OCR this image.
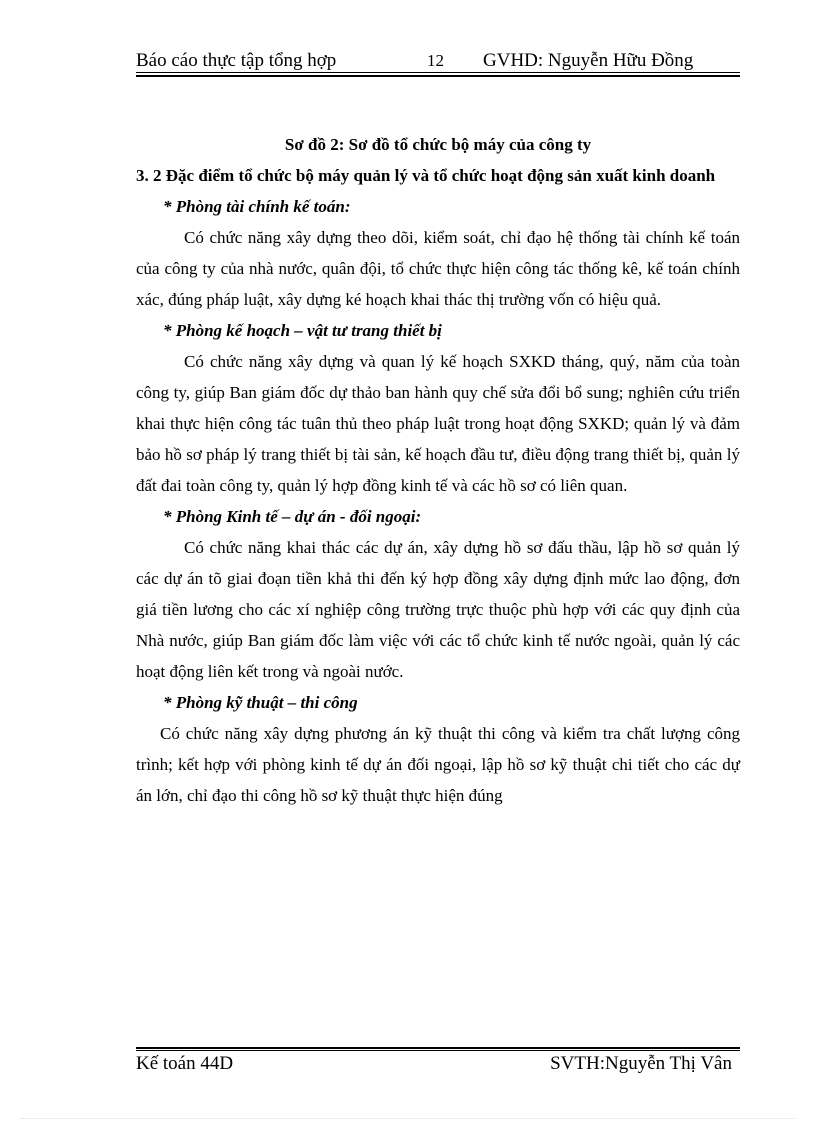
Báo cáo thực tập tổng hợp	12 GVHD: Nguyễn Hữu Đồng

Sơ đồ 2: Sơ đồ tổ chức bộ máy của công ty

3. 2 Đặc điểm tổ chức bộ máy quản lý và tổ chức hoạt động sản xuất kinh doanh

* Phòng tài chính kế toán:

Có chức năng xây dựng theo dõi, kiểm soát, chỉ đạo hệ thống tài chính kế toán của công ty của nhà nước, quân đội, tổ chức thực hiện công tác thống kê, kế toán chính xác, đúng pháp luật, xây dựng ké hoạch khai thác thị trường vốn có hiệu quả.

* Phòng kế hoạch – vật tư trang thiết bị

Có chức năng xây dựng và quan lý kế hoạch SXKD tháng, quý, năm của toàn công ty, giúp Ban giám đốc dự thảo ban hành quy chế sửa đổi bổ sung; nghiên cứu triển khai thực hiện công tác tuân thủ theo pháp luật trong hoạt động SXKD; quản lý và đảm bảo hồ sơ pháp lý trang thiết bị tài sản, kế hoạch đầu tư, điều động trang thiết bị, quản lý đất đai toàn công ty, quản lý hợp đồng kinh tế và các hồ sơ có liên quan.

* Phòng Kinh tế – dự án - đối ngoại:

Có chức năng khai thác các dự án, xây dựng hồ sơ đấu thầu, lập hồ sơ quản lý các dự án tõ giai đoạn tiền khả thi đến ký hợp đồng xây dựng định mức lao động, đơn giá tiền lương cho các xí nghiệp công trường trực thuộc phù hợp với các quy định của Nhà nước, giúp Ban giám đốc làm việc với các tổ chức kinh tế nước ngoài, quản lý các hoạt động liên kết trong và ngoài nước.

* Phòng kỹ thuật – thi công

Có chức năng xây dựng phương án kỹ thuật thi công và kiểm tra chất lượng công trình; kết hợp với phòng kinh tế dự án đối ngoại, lập hồ sơ kỹ thuật chi tiết cho các dự án lớn, chỉ đạo thi công hồ sơ kỹ thuật thực hiện đúng

Kế toán 44D	SVTH:Nguyễn Thị Vân
